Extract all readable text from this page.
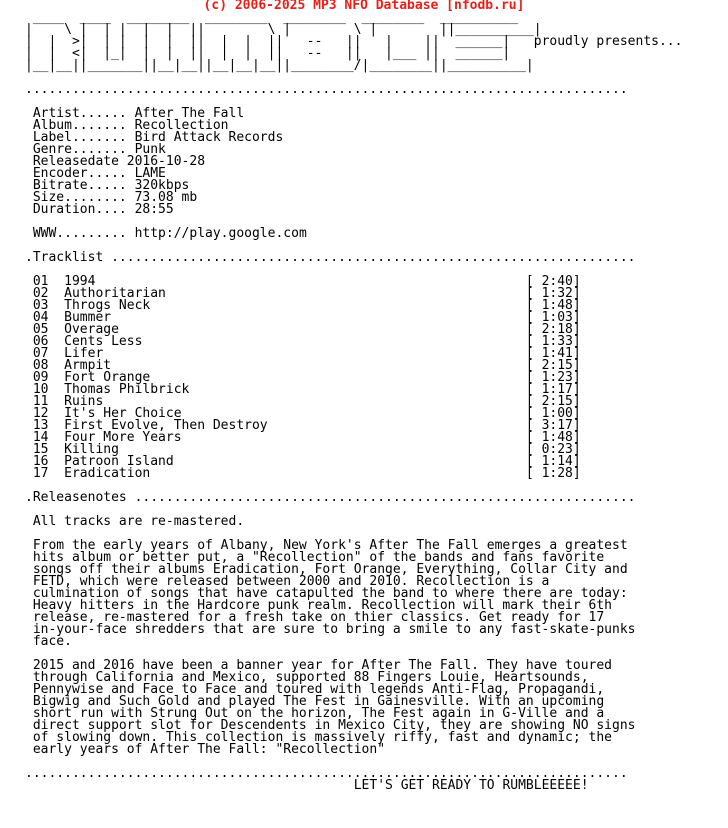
(c) 2006-2025 MP3 NFO Database [nfodb.ru]
____  ____  ________  ________  ________  ________  __________
|    \ |  | |  |  |  ||        \ |        \ |        ||__________|
|  |  >|  | |  |  |  ||  |  |  ||   --   ||   |    ||  ______| proudly presents...
|  |  <|  |_|  |  |  ||  |  |  ||   --   ||   |___ ||  ______|
|__|__||_______||__|__||__|__|__||________/|________||__________|

.............................................................................

Artist...... After The Fall
Album....... Recollection
Label....... Bird Attack Records
Genre....... Punk
Releasedate 2016-10-28
Encoder..... LAME
Bitrate..... 320kbps
Size........ 73.08 mb
Duration.... 28:55

WWW......... http://play.google.com

.Tracklist ...................................................................

01 1994                                                       [ 2:40]
02 Authoritarian                                              [ 1:32]
03 Throgs Neck                                                [ 1:48]
04 Bummer                                                     [ 1:03]
05 Overage                                                    [ 2:18]
06 Cents Less                                                 [ 1:33]
07 Lifer                                                      [ 1:41]
08 Armpit                                                     [ 2:15]
09 Fort Orange                                                [ 1:23]
10 Thomas Philbrick                                           [ 1:17]
11 Ruins                                                      [ 2:15]
12 It's Her Choice                                            [ 1:00]
13 First Evolve, Then Destroy                                 [ 3:17]
14 Four More Years                                            [ 1:48]
15 Killing                                                    [ 0:23]
16 Patroon Island                                             [ 1:14]
17 Eradication                                                [ 1:28]

.Releasenotes ................................................................

All tracks are re-mastered.

From the early years of Albany, New York's After The Fall emerges a greatest
hits album or better put, a "Recollection" of the bands and fans favorite
songs off their albums Eradication, Fort Orange, Everything, Collar City and
FETD, which were released between 2000 and 2010. Recollection is a
culmination of songs that have catapulted the band to where there are today:
Heavy hitters in the Hardcore punk realm. Recollection will mark their 6th
release, re-mastered for a fresh take on thier classics. Get ready for 17
in-your-face shredders that are sure to bring a smile to any fast-skate-punks
face.

2015 and 2016 have been a banner year for After The Fall. They have toured
through California and Mexico, supported 88 Fingers Louie, Heartsounds,
Pennywise and Face to Face and toured with legends Anti-Flag, Propagandi,
Bigwig and Such Gold and played The Fest in Gainesville. With an upcoming
short run with Strung Out on the horizon, The Fest again in G-Ville and a
direct support slot for Descendents in Mexico City, they are showing NO signs
of slowing down. This collection is massively riffy, fast and dynamic; the
early years of After The Fall: "Recollection"

.............................................................................
LET'S GET READY TO RUMBLEEEEE!
